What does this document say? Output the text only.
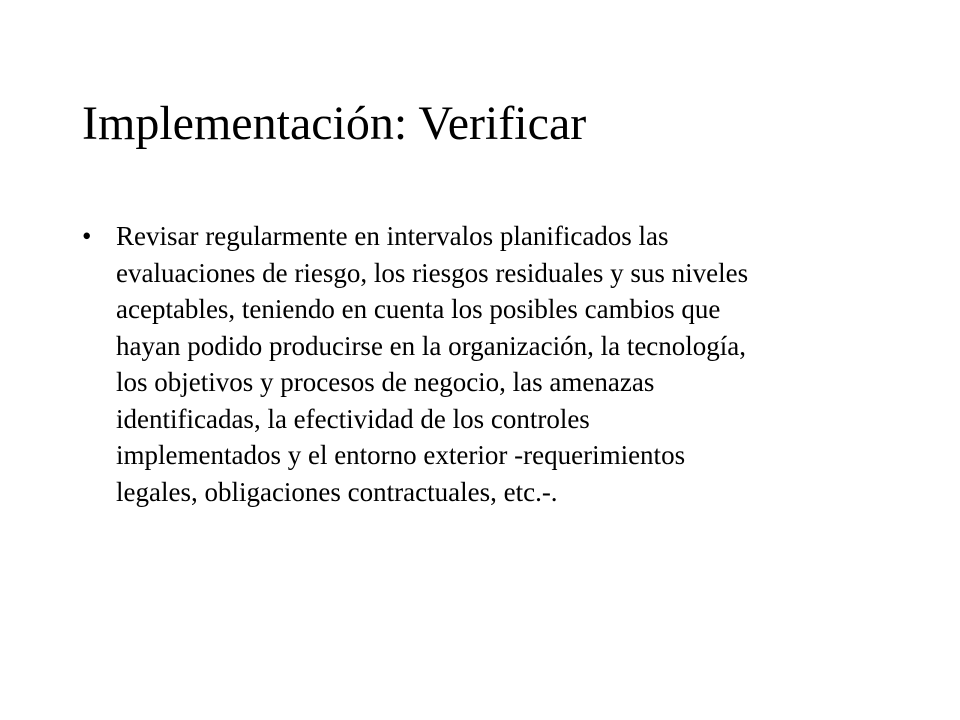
Implementación: Verificar
• Revisar regularmente en intervalos planificados las
evaluaciones de riesgo, los riesgos residuales y sus niveles
aceptables, teniendo en cuenta los posibles cambios que
hayan podido producirse en la organización, la tecnología,
los objetivos y procesos de negocio, las amenazas
identificadas, la efectividad de los controles
implementados y el entorno exterior -requerimientos
legales, obligaciones contractuales, etc.-.
